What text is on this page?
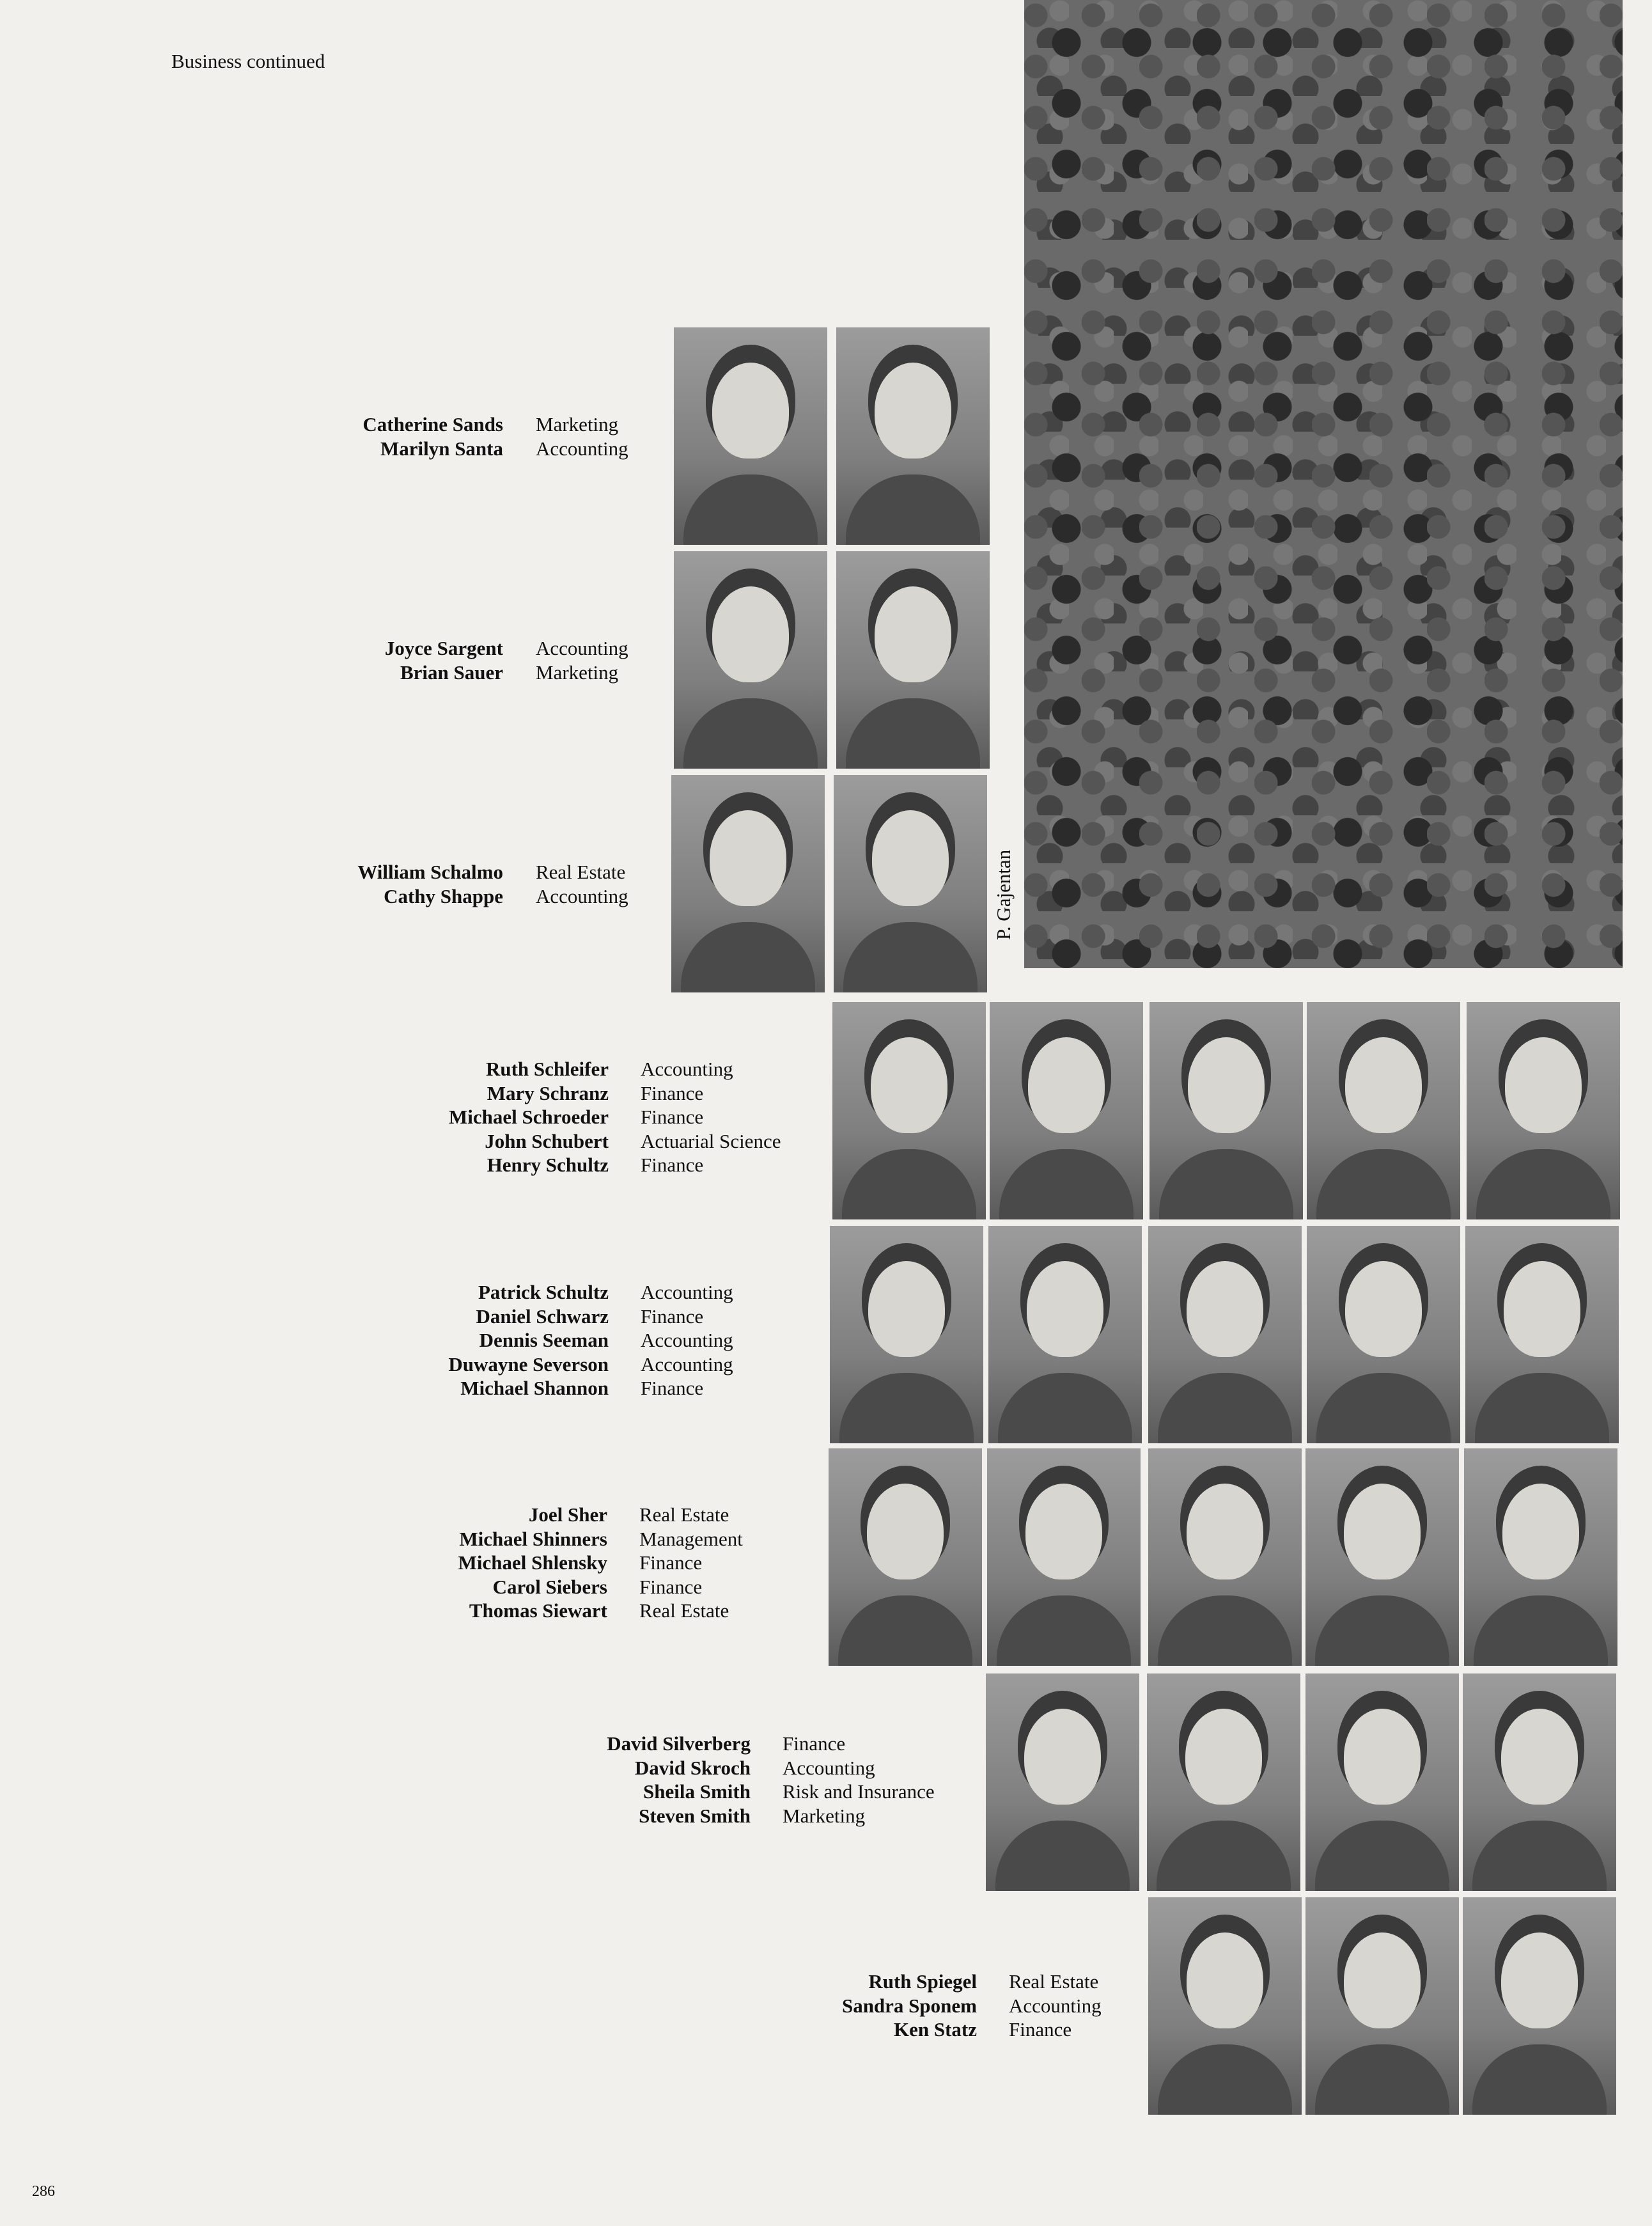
Business continued
P. Gajentan
Catherine Sands
Marilyn Santa
Marketing
Accounting
Joyce Sargent
Brian Sauer
Accounting
Marketing
William Schalmo
Cathy Shappe
Real Estate
Accounting
Ruth Schleifer
Mary Schranz
Michael Schroeder
John Schubert
Henry Schultz
Accounting
Finance
Finance
Actuarial Science
Finance
Patrick Schultz
Daniel Schwarz
Dennis Seeman
Duwayne Severson
Michael Shannon
Accounting
Finance
Accounting
Accounting
Finance
Joel Sher
Michael Shinners
Michael Shlensky
Carol Siebers
Thomas Siewart
Real Estate
Management
Finance
Finance
Real Estate
David Silverberg
David Skroch
Sheila Smith
Steven Smith
Finance
Accounting
Risk and Insurance
Marketing
Ruth Spiegel
Sandra Sponem
Ken Statz
Real Estate
Accounting
Finance
286
